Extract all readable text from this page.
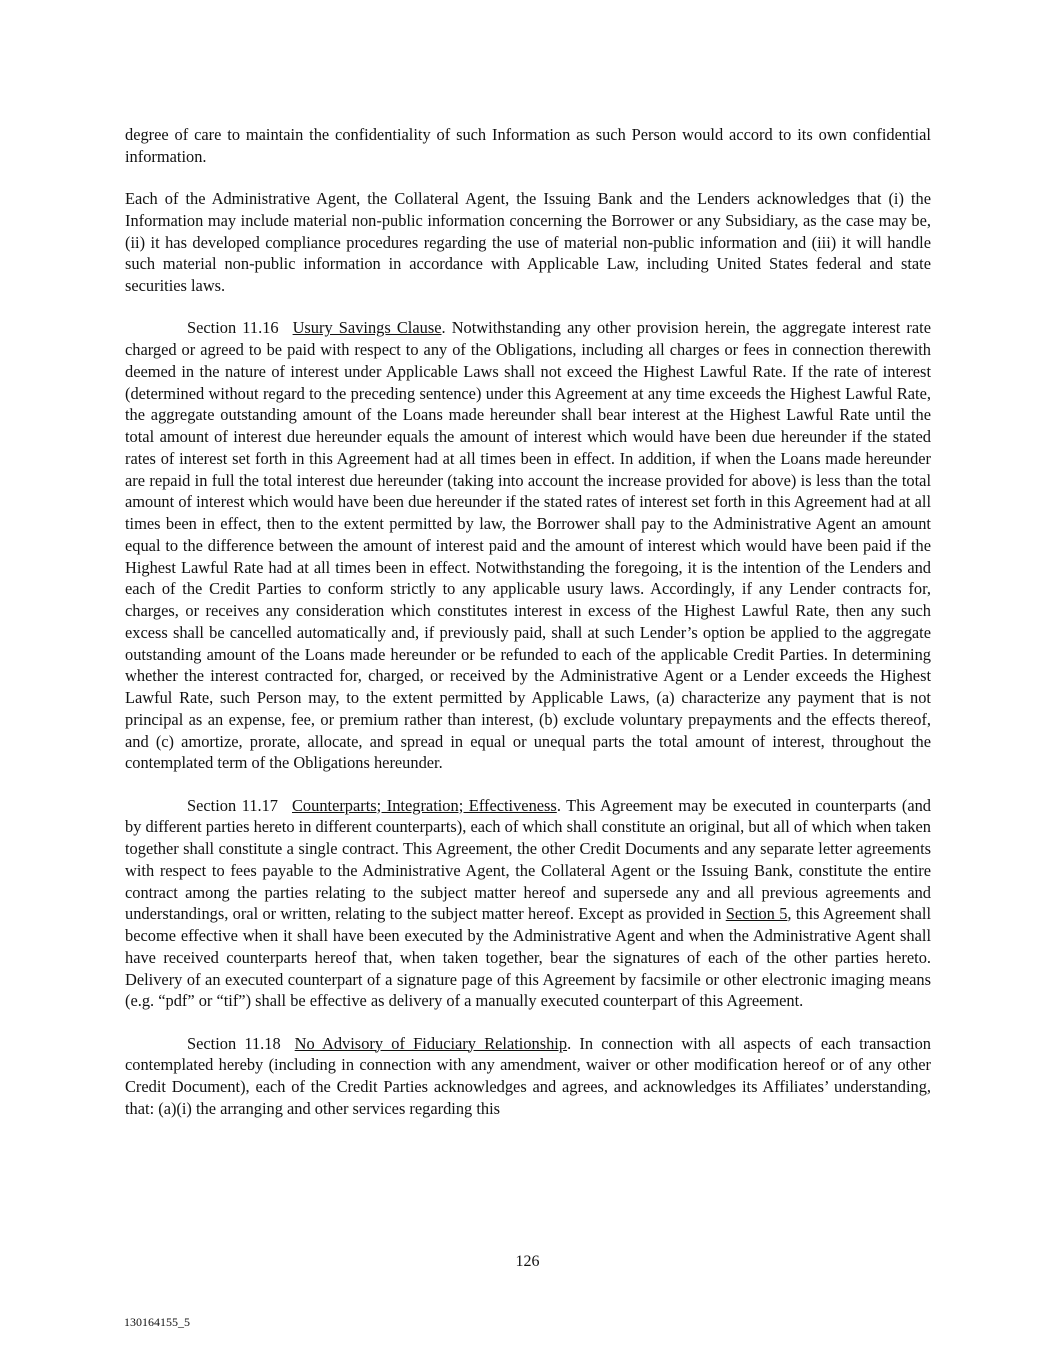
degree of care to maintain the confidentiality of such Information as such Person would accord to its own confidential information.

Each of the Administrative Agent, the Collateral Agent, the Issuing Bank and the Lenders acknowledges that (i) the Information may include material non-public information concerning the Borrower or any Subsidiary, as the case may be, (ii) it has developed compliance procedures regarding the use of material non-public information and (iii) it will handle such material non-public information in accordance with Applicable Law, including United States federal and state securities laws.

Section 11.16 Usury Savings Clause. Notwithstanding any other provision herein, the aggregate interest rate charged or agreed to be paid with respect to any of the Obligations, including all charges or fees in connection therewith deemed in the nature of interest under Applicable Laws shall not exceed the Highest Lawful Rate. If the rate of interest (determined without regard to the preceding sentence) under this Agreement at any time exceeds the Highest Lawful Rate, the aggregate outstanding amount of the Loans made hereunder shall bear interest at the Highest Lawful Rate until the total amount of interest due hereunder equals the amount of interest which would have been due hereunder if the stated rates of interest set forth in this Agreement had at all times been in effect. In addition, if when the Loans made hereunder are repaid in full the total interest due hereunder (taking into account the increase provided for above) is less than the total amount of interest which would have been due hereunder if the stated rates of interest set forth in this Agreement had at all times been in effect, then to the extent permitted by law, the Borrower shall pay to the Administrative Agent an amount equal to the difference between the amount of interest paid and the amount of interest which would have been paid if the Highest Lawful Rate had at all times been in effect. Notwithstanding the foregoing, it is the intention of the Lenders and each of the Credit Parties to conform strictly to any applicable usury laws. Accordingly, if any Lender contracts for, charges, or receives any consideration which constitutes interest in excess of the Highest Lawful Rate, then any such excess shall be cancelled automatically and, if previously paid, shall at such Lender’s option be applied to the aggregate outstanding amount of the Loans made hereunder or be refunded to each of the applicable Credit Parties. In determining whether the interest contracted for, charged, or received by the Administrative Agent or a Lender exceeds the Highest Lawful Rate, such Person may, to the extent permitted by Applicable Laws, (a) characterize any payment that is not principal as an expense, fee, or premium rather than interest, (b) exclude voluntary prepayments and the effects thereof, and (c) amortize, prorate, allocate, and spread in equal or unequal parts the total amount of interest, throughout the contemplated term of the Obligations hereunder.

Section 11.17 Counterparts; Integration; Effectiveness. This Agreement may be executed in counterparts (and by different parties hereto in different counterparts), each of which shall constitute an original, but all of which when taken together shall constitute a single contract. This Agreement, the other Credit Documents and any separate letter agreements with respect to fees payable to the Administrative Agent, the Collateral Agent or the Issuing Bank, constitute the entire contract among the parties relating to the subject matter hereof and supersede any and all previous agreements and understandings, oral or written, relating to the subject matter hereof. Except as provided in Section 5, this Agreement shall become effective when it shall have been executed by the Administrative Agent and when the Administrative Agent shall have received counterparts hereof that, when taken together, bear the signatures of each of the other parties hereto. Delivery of an executed counterpart of a signature page of this Agreement by facsimile or other electronic imaging means (e.g. “pdf” or “tif”) shall be effective as delivery of a manually executed counterpart of this Agreement.

Section 11.18 No Advisory of Fiduciary Relationship. In connection with all aspects of each transaction contemplated hereby (including in connection with any amendment, waiver or other modification hereof or of any other Credit Document), each of the Credit Parties acknowledges and agrees, and acknowledges its Affiliates’ understanding, that: (a)(i) the arranging and other services regarding this

126
130164155_5
